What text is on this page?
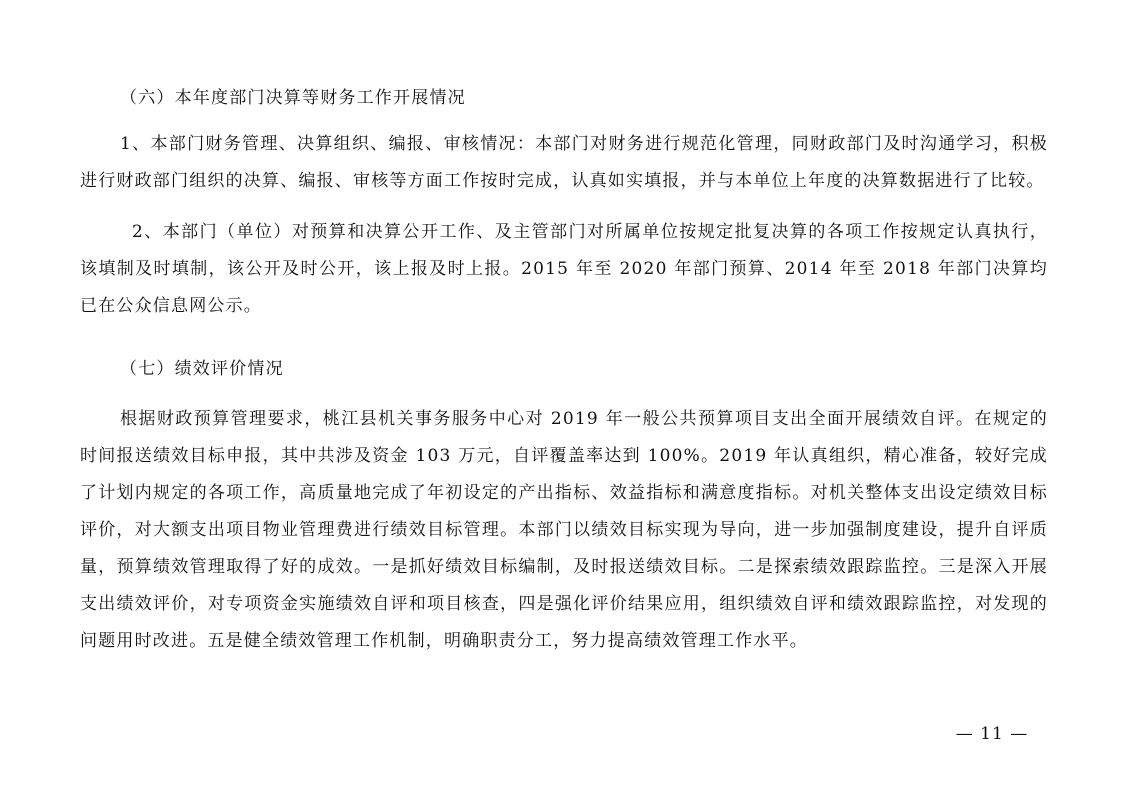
（六）本年度部门决算等财务工作开展情况

1、本部门财务管理、决算组织、编报、审核情况：本部门对财务进行规范化管理，同财政部门及时沟通学习，积极进行财政部门组织的决算、编报、审核等方面工作按时完成，认真如实填报，并与本单位上年度的决算数据进行了比较。

2、本部门（单位）对预算和决算公开工作、及主管部门对所属单位按规定批复决算的各项工作按规定认真执行，该填制及时填制，该公开及时公开，该上报及时上报。2015 年至 2020 年部门预算、2014 年至 2018 年部门决算均已在公众信息网公示。

（七）绩效评价情况

根据财政预算管理要求，桃江县机关事务服务中心对 2019 年一般公共预算项目支出全面开展绩效自评。在规定的时间报送绩效目标申报，其中共涉及资金 103 万元，自评覆盖率达到 100%。2019 年认真组织，精心准备，较好完成了计划内规定的各项工作，高质量地完成了年初设定的产出指标、效益指标和满意度指标。对机关整体支出设定绩效目标评价，对大额支出项目物业管理费进行绩效目标管理。本部门以绩效目标实现为导向，进一步加强制度建设，提升自评质量，预算绩效管理取得了好的成效。一是抓好绩效目标编制，及时报送绩效目标。二是探索绩效跟踪监控。三是深入开展支出绩效评价，对专项资金实施绩效自评和项目核查，四是强化评价结果应用，组织绩效自评和绩效跟踪监控，对发现的问题用时改进。五是健全绩效管理工作机制，明确职责分工，努力提高绩效管理工作水平。

— 11 —
